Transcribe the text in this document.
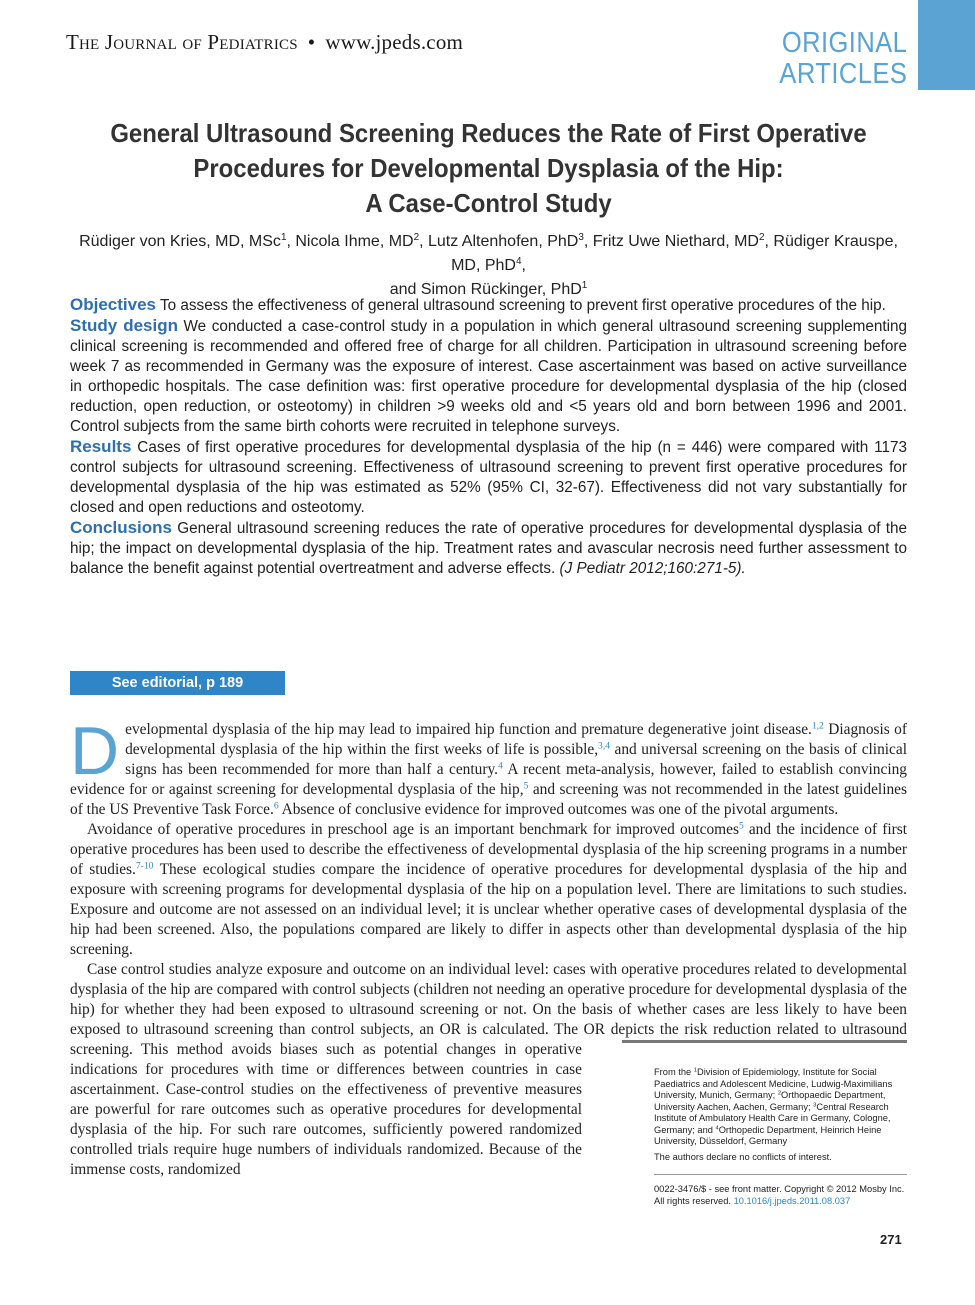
The Journal of Pediatrics • www.jpeds.com	ORIGINAL
ARTICLES
General Ultrasound Screening Reduces the Rate of First Operative
Procedures for Developmental Dysplasia of the Hip:
A Case-Control Study
Rüdiger von Kries, MD, MSc$^1$, Nicola Ihme, $MD^2$, Lutz Altenhofen, PhD$^3$, Fritz Uwe Niethard, $MD^2$, Rüdiger Krauspe, MD, PhD$^4$,
and Simon Rückinger, PhD$^1$

Objectives To assess the effectiveness of general ultrasound screening to prevent first operative procedures of the hip.

Study design We conducted a case-control study in a population in which general ultrasound screening supplementing clinical screening is recommended and offered free of charge for all children. Participation in ultrasound screening before week 7 as recommended in Germany was the exposure of interest. Case ascertainment was based on active surveillance in orthopedic hospitals. The case definition was: first operative procedure for developmental dysplasia of the hip (closed reduction, open reduction, or osteotomy) in children >9 weeks old and <5 years old and born between 1996 and 2001. Control subjects from the same birth cohorts were recruited in telephone surveys.

Results Cases of first operative procedures for developmental dysplasia of the hip (n = 446) were compared with 1173 control subjects for ultrasound screening. Effectiveness of ultrasound screening to prevent first operative procedures for developmental dysplasia of the hip was estimated as 52% (95% CI, 32-67). Effectiveness did not vary substantially for closed and open reductions and osteotomy.

Conclusions General ultrasound screening reduces the rate of operative procedures for developmental dysplasia of the hip; the impact on developmental dysplasia of the hip. Treatment rates and avascular necrosis need further assessment to balance the benefit against potential overtreatment and adverse effects. (J Pediatr 2012;160:271-5).

See editorial, p 189

Developmental dysplasia of the hip may lead to impaired hip function and premature degenerative joint disease.$^{1,2}$ Diagnosis of developmental dysplasia of the hip within the first weeks of life is possible,$^{3,4}$ and universal screening on the basis of clinical signs has been recommended for more than half a century.$^4$ A recent meta-analysis, however, failed to establish convincing evidence for or against screening for developmental dysplasia of the hip,$^5$ and screening was not recommended in the latest guidelines of the US Preventive Task Force.$^6$ Absence of conclusive evidence for improved outcomes was one of the pivotal arguments.

Avoidance of operative procedures in preschool age is an important benchmark for improved outcomes$^5$ and the incidence of first operative procedures has been used to describe the effectiveness of developmental dysplasia of the hip screening programs in a number of studies.$^{7-10}$ These ecological studies compare the incidence of operative procedures for developmental dysplasia of the hip and exposure with screening programs for developmental dysplasia of the hip on a population level. There are limitations to such studies. Exposure and outcome are not assessed on an individual level; it is unclear whether operative cases of developmental dysplasia of the hip had been screened. Also, the populations compared are likely to differ in aspects other than developmental dysplasia of the hip screening.

Case control studies analyze exposure and outcome on an individual level: cases with operative procedures related to developmental dysplasia of the hip are compared with control subjects (children not needing an operative procedure for developmental dysplasia of the hip) for whether they had been exposed to ultrasound screening or not. On the basis of whether cases are less likely to have been exposed to ultrasound screening than control subjects, an OR is calculated. The OR depicts the risk reduction related to ultrasound screening. This method avoids biases such as potential changes in operative indications for procedures with time or differences between countries in case ascertainment. Case-control studies on the effectiveness of preventive measures are powerful for rare outcomes such as operative procedures for developmental dysplasia of the hip. For such rare outcomes, sufficiently powered randomized controlled trials require huge numbers of individuals randomized. Because of the immense costs, randomized

From the $^1$Division of Epidemiology, Institute for Social Paediatrics and Adolescent Medicine, Ludwig-Maximilians University, Munich, Germany; $^2$Orthopaedic Department, University Aachen, Aachen, Germany; $^3$Central Research Institute of Ambulatory Health Care in Germany, Cologne, Germany; and $^4$Orthopedic Department, Heinrich Heine University, Düsseldorf, Germany

The authors declare no conflicts of interest.

0022-3476/$ - see front matter. Copyright © 2012 Mosby Inc.

All rights reserved. 10.1016/j.jpeds.2011.08.037

271
